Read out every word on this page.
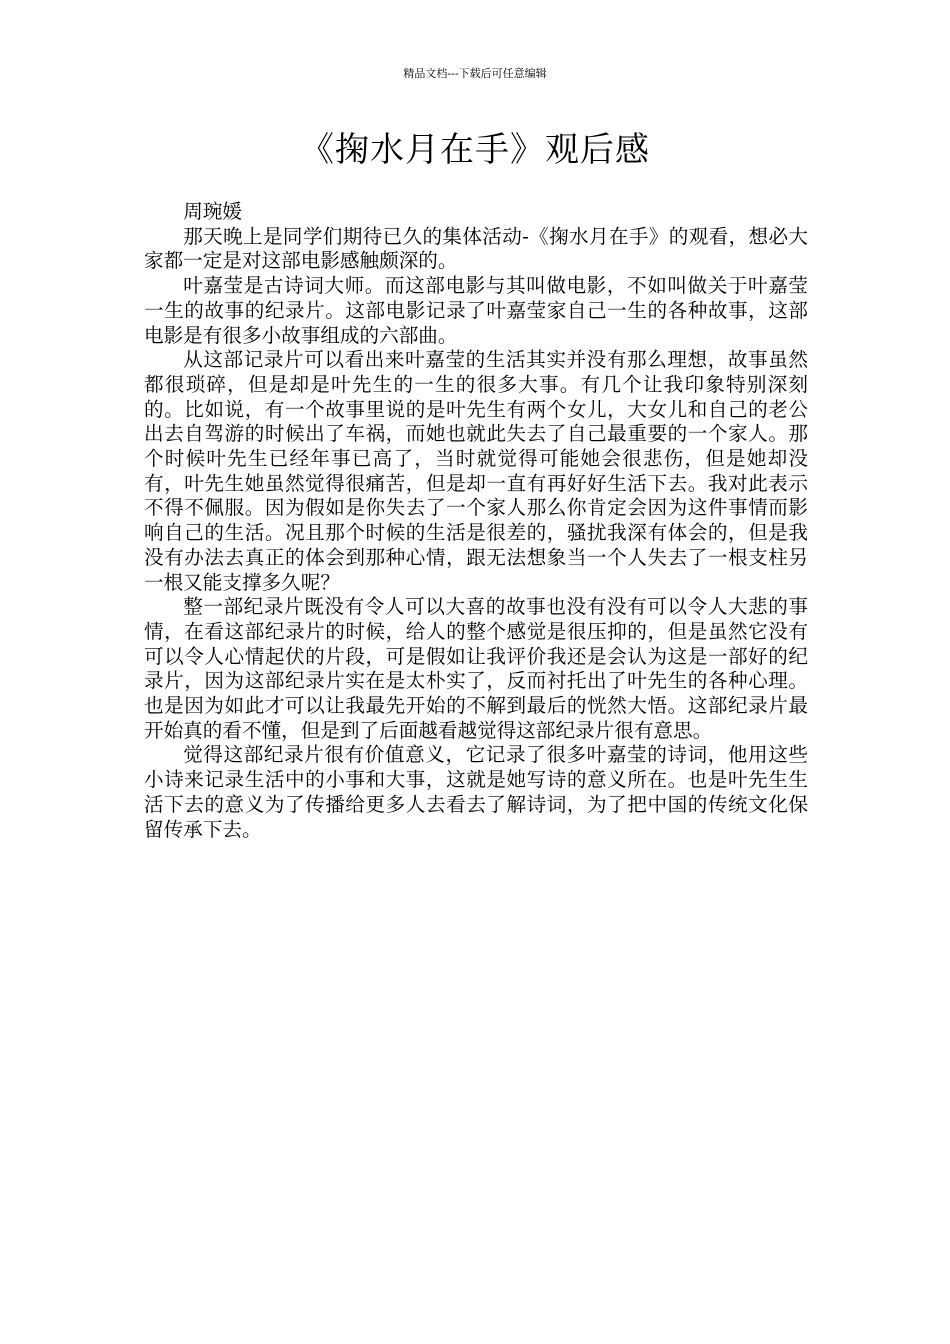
精品文档---下载后可任意编辑
《掬水月在手》观后感

周琬媛

那天晚上是同学们期待已久的集体活动-《掬水月在手》的观看，想必大家都一定是对这部电影感触颇深的。

叶嘉莹是古诗词大师。而这部电影与其叫做电影，不如叫做关于叶嘉莹一生的故事的纪录片。这部电影记录了叶嘉莹家自己一生的各种故事，这部电影是有很多小故事组成的六部曲。

从这部记录片可以看出来叶嘉莹的生活其实并没有那么理想，故事虽然都很琐碎，但是却是叶先生的一生的很多大事。有几个让我印象特别深刻的。比如说，有一个故事里说的是叶先生有两个女儿，大女儿和自己的老公出去自驾游的时候出了车祸，而她也就此失去了自己最重要的一个家人。那个时候叶先生已经年事已高了，当时就觉得可能她会很悲伤，但是她却没有，叶先生她虽然觉得很痛苦，但是却一直有再好好生活下去。我对此表示不得不佩服。因为假如是你失去了一个家人那么你肯定会因为这件事情而影响自己的生活。况且那个时候的生活是很差的，骚扰我深有体会的，但是我没有办法去真正的体会到那种心情，跟无法想象当一个人失去了一根支柱另一根又能支撑多久呢？

整一部纪录片既没有令人可以大喜的故事也没有没有可以令人大悲的事情，在看这部纪录片的时候，给人的整个感觉是很压抑的，但是虽然它没有可以令人心情起伏的片段，可是假如让我评价我还是会认为这是一部好的纪录片，因为这部纪录片实在是太朴实了，反而衬托出了叶先生的各种心理。也是因为如此才可以让我最先开始的不解到最后的恍然大悟。这部纪录片最开始真的看不懂，但是到了后面越看越觉得这部纪录片很有意思。

觉得这部纪录片很有价值意义，它记录了很多叶嘉莹的诗词，他用这些小诗来记录生活中的小事和大事，这就是她写诗的意义所在。也是叶先生生活下去的意义为了传播给更多人去看去了解诗词，为了把中国的传统文化保留传承下去。
